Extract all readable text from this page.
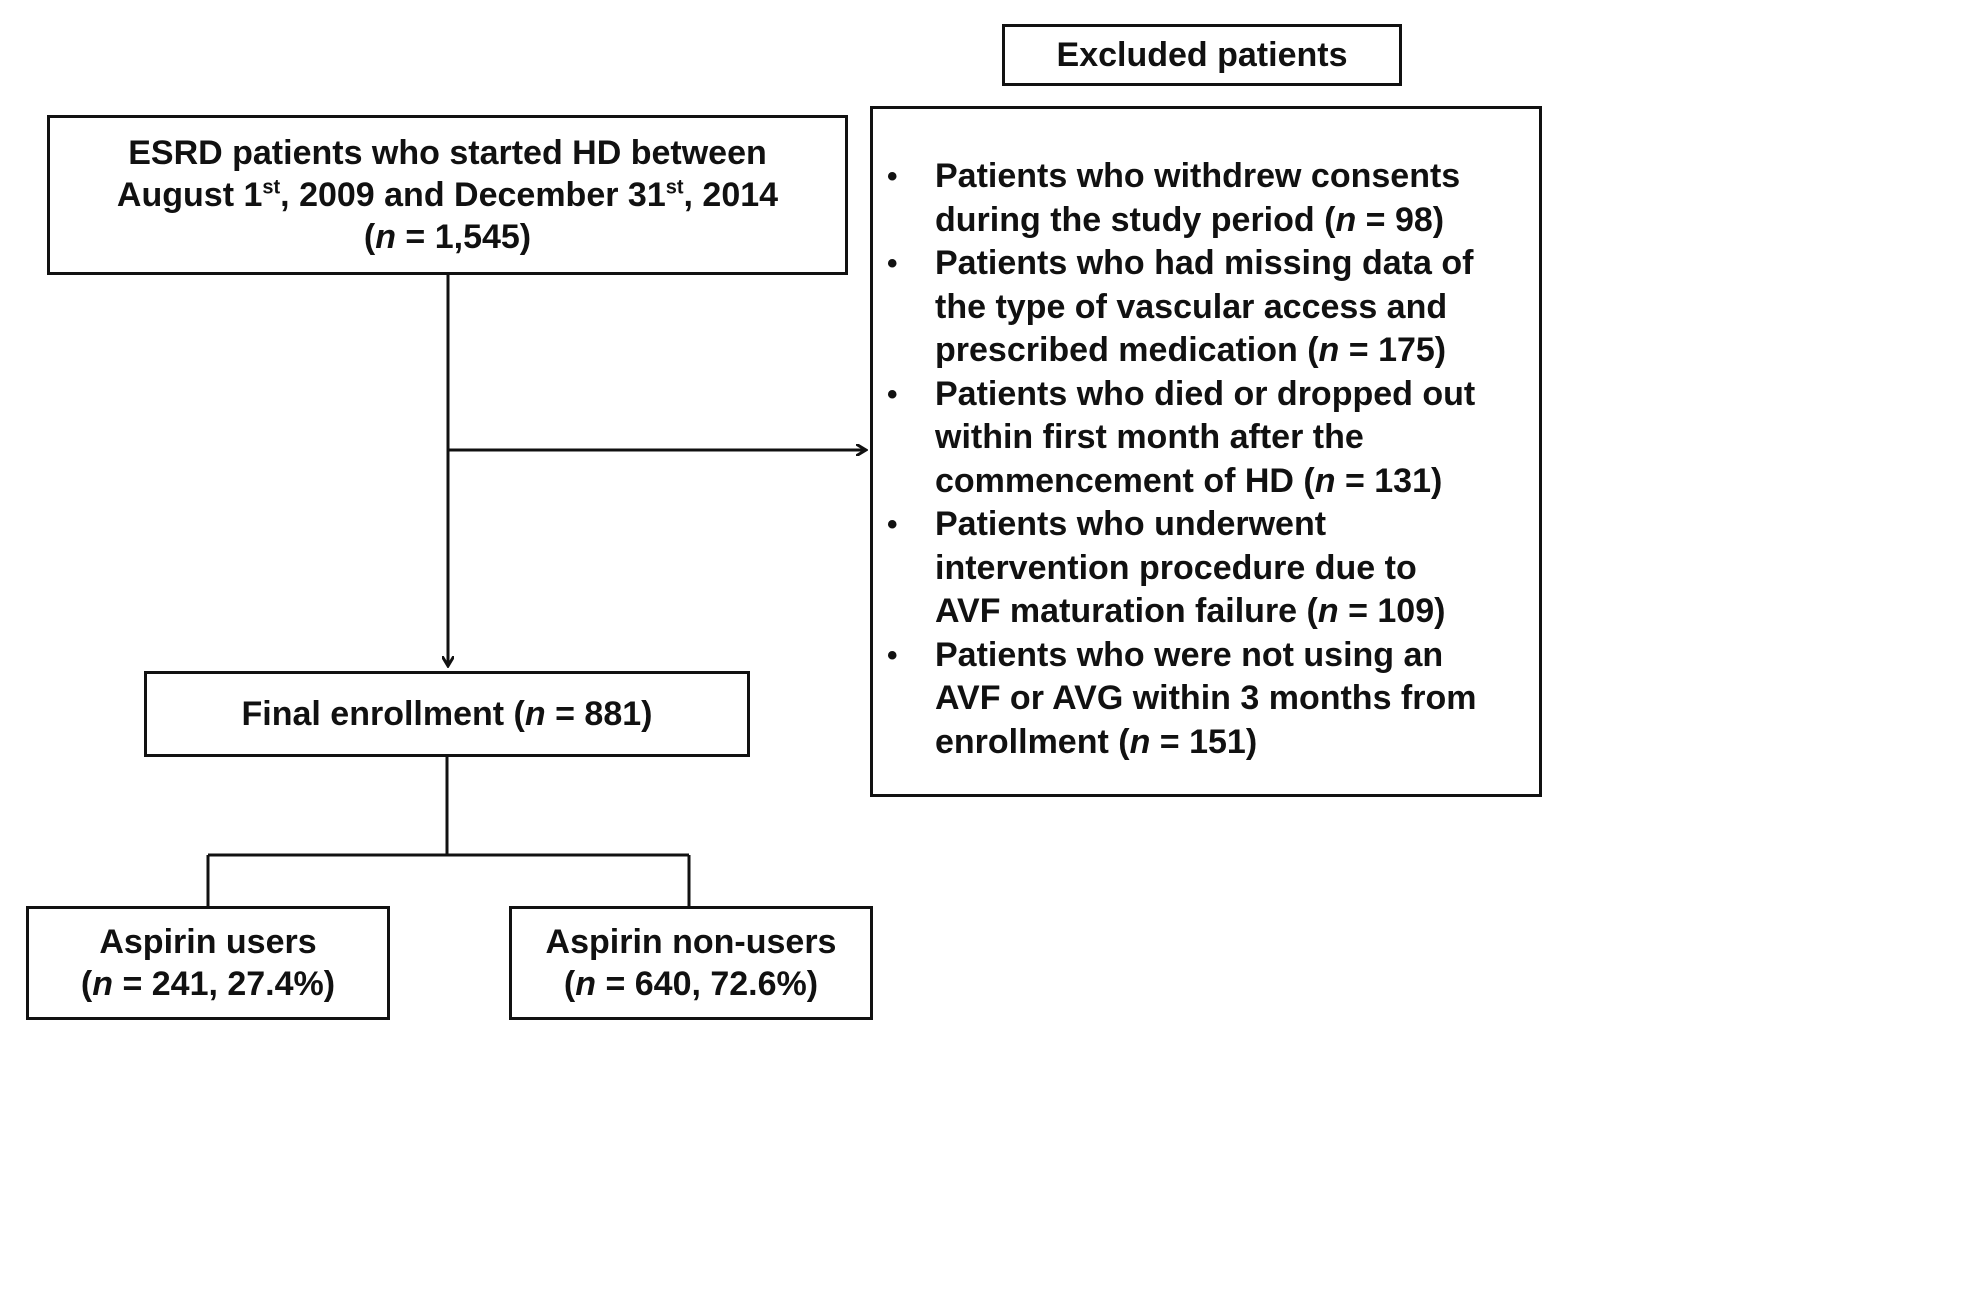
Excluded patients
ESRD patients who started HD between
August 1st, 2009 and December 31st, 2014
(n = 1,545)
• Patients who withdrew consents
during the study period (n = 98)
• Patients who had missing data of
the type of vascular access and
prescribed medication (n = 175)
• Patients who died or dropped out
within first month after the
commencement of HD (n = 131)
• Patients who underwent
intervention procedure due to
AVF maturation failure (n = 109)
• Patients who were not using an
AVF or AVG within 3 months from
enrollment (n = 151)
Final enrollment (n = 881)
Aspirin users
(n = 241, 27.4%)
Aspirin non-users
(n = 640, 72.6%)
